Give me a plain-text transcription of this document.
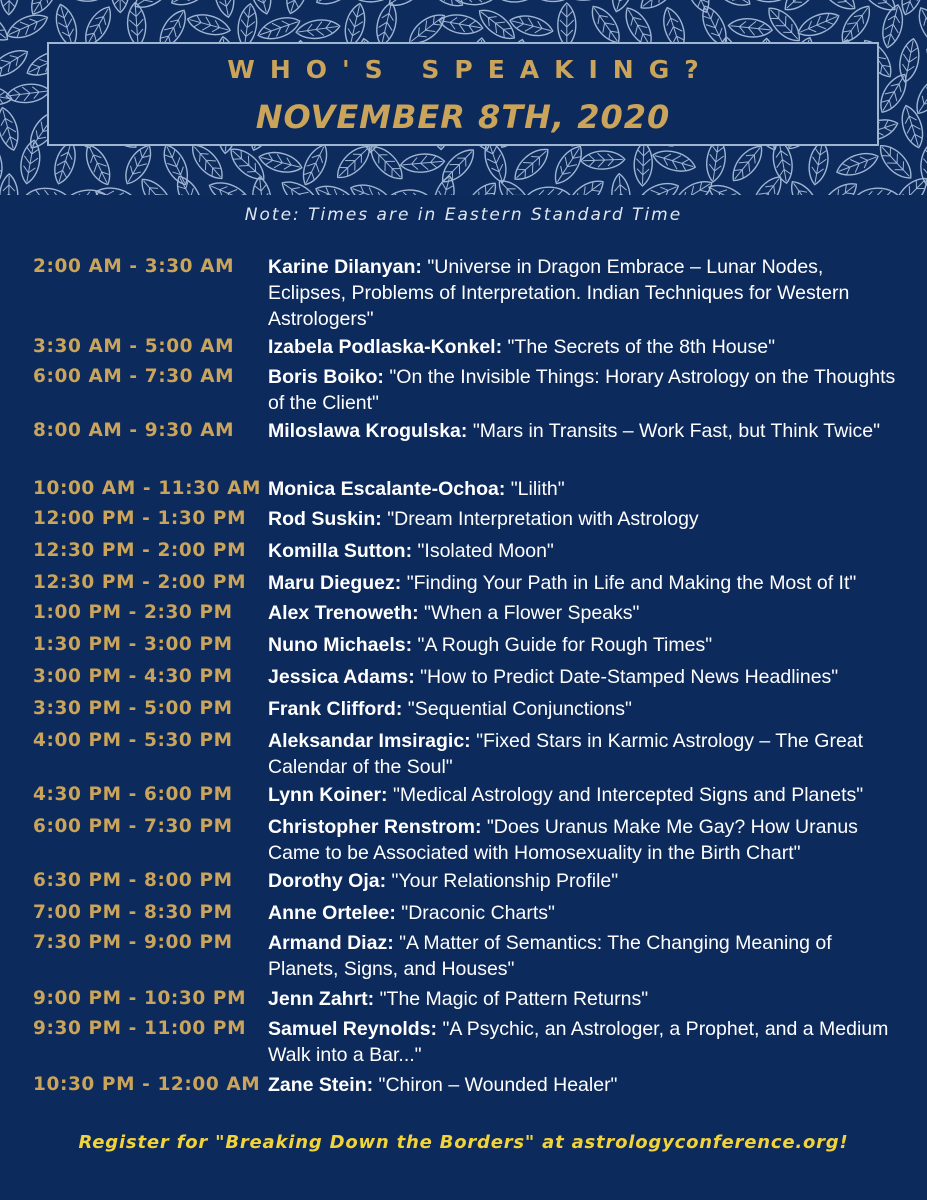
WHO'S SPEAKING?
NOVEMBER 8TH, 2020
Note: Times are in Eastern Standard Time
2:00 AM - 3:30 AM	Karine Dilanyan: "Universe in Dragon Embrace – Lunar Nodes, Eclipses, Problems of Interpretation. Indian Techniques for Western Astrologers"
3:30 AM - 5:00 AM	Izabela Podlaska-Konkel: "The Secrets of the 8th House"
6:00 AM - 7:30 AM	Boris Boiko: "On the Invisible Things: Horary Astrology on the Thoughts of the Client"
8:00 AM - 9:30 AM	Miloslawa Krogulska: "Mars in Transits – Work Fast, but Think Twice"
10:00 AM - 11:30 AM Monica Escalante-Ochoa: "Lilith"
12:00 PM - 1:30 PM	Rod Suskin: "Dream Interpretation with Astrology
12:30 PM - 2:00 PM	Komilla Sutton: "Isolated Moon"
12:30 PM - 2:00 PM	Maru Dieguez: "Finding Your Path in Life and Making the Most of It"
1:00 PM - 2:30 PM	Alex Trenoweth: "When a Flower Speaks"
1:30 PM - 3:00 PM	Nuno Michaels: "A Rough Guide for Rough Times"
3:00 PM - 4:30 PM	Jessica Adams: "How to Predict Date-Stamped News Headlines"
3:30 PM - 5:00 PM	Frank Clifford: "Sequential Conjunctions"
4:00 PM - 5:30 PM	Aleksandar Imsiragic: "Fixed Stars in Karmic Astrology – The Great Calendar of the Soul"
4:30 PM - 6:00 PM	Lynn Koiner: "Medical Astrology and Intercepted Signs and Planets"
6:00 PM - 7:30 PM	Christopher Renstrom: "Does Uranus Make Me Gay? How Uranus Came to be Associated with Homosexuality in the Birth Chart"
6:30 PM - 8:00 PM	Dorothy Oja: "Your Relationship Profile"
7:00 PM - 8:30 PM	Anne Ortelee: "Draconic Charts"
7:30 PM - 9:00 PM	Armand Diaz: "A Matter of Semantics: The Changing Meaning of Planets, Signs, and Houses"
9:00 PM - 10:30 PM	Jenn Zahrt: "The Magic of Pattern Returns"
9:30 PM - 11:00 PM	Samuel Reynolds: "A Psychic, an Astrologer, a Prophet, and a Medium Walk into a Bar..."
10:30 PM - 12:00 AM Zane Stein: "Chiron – Wounded Healer"
Register for "Breaking Down the Borders" at astrologyconference.org!
